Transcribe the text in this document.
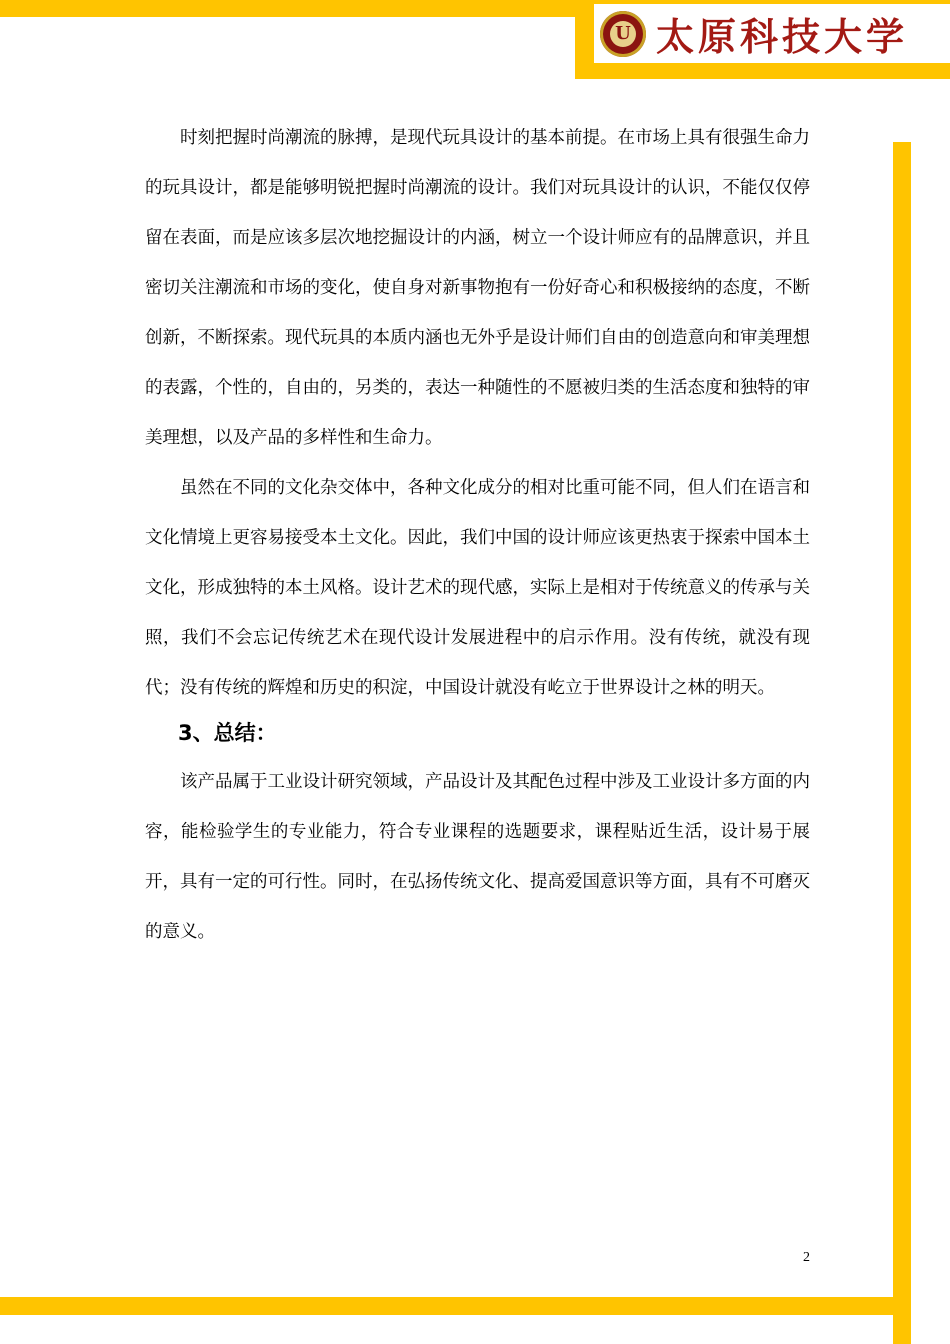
U 太原科技大学

时刻把握时尚潮流的脉搏，是现代玩具设计的基本前提。在市场上具有很强生命力的玩具设计，都是能够明锐把握时尚潮流的设计。我们对玩具设计的认识，不能仅仅停留在表面，而是应该多层次地挖掘设计的内涵，树立一个设计师应有的品牌意识，并且密切关注潮流和市场的变化，使自身对新事物抱有一份好奇心和积极接纳的态度，不断创新，不断探索。现代玩具的本质内涵也无外乎是设计师们自由的创造意向和审美理想的表露，个性的，自由的，另类的，表达一种随性的不愿被归类的生活态度和独特的审美理想，以及产品的多样性和生命力。

虽然在不同的文化杂交体中，各种文化成分的相对比重可能不同，但人们在语言和文化情境上更容易接受本土文化。因此，我们中国的设计师应该更热衷于探索中国本土文化，形成独特的本土风格。设计艺术的现代感，实际上是相对于传统意义的传承与关照，我们不会忘记传统艺术在现代设计发展进程中的启示作用。没有传统，就没有现代；没有传统的辉煌和历史的积淀，中国设计就没有屹立于世界设计之林的明天。

3、总结：

该产品属于工业设计研究领域，产品设计及其配色过程中涉及工业设计多方面的内容，能检验学生的专业能力，符合专业课程的选题要求，课程贴近生活，设计易于展开，具有一定的可行性。同时，在弘扬传统文化、提高爱国意识等方面，具有不可磨灭的意义。

2
